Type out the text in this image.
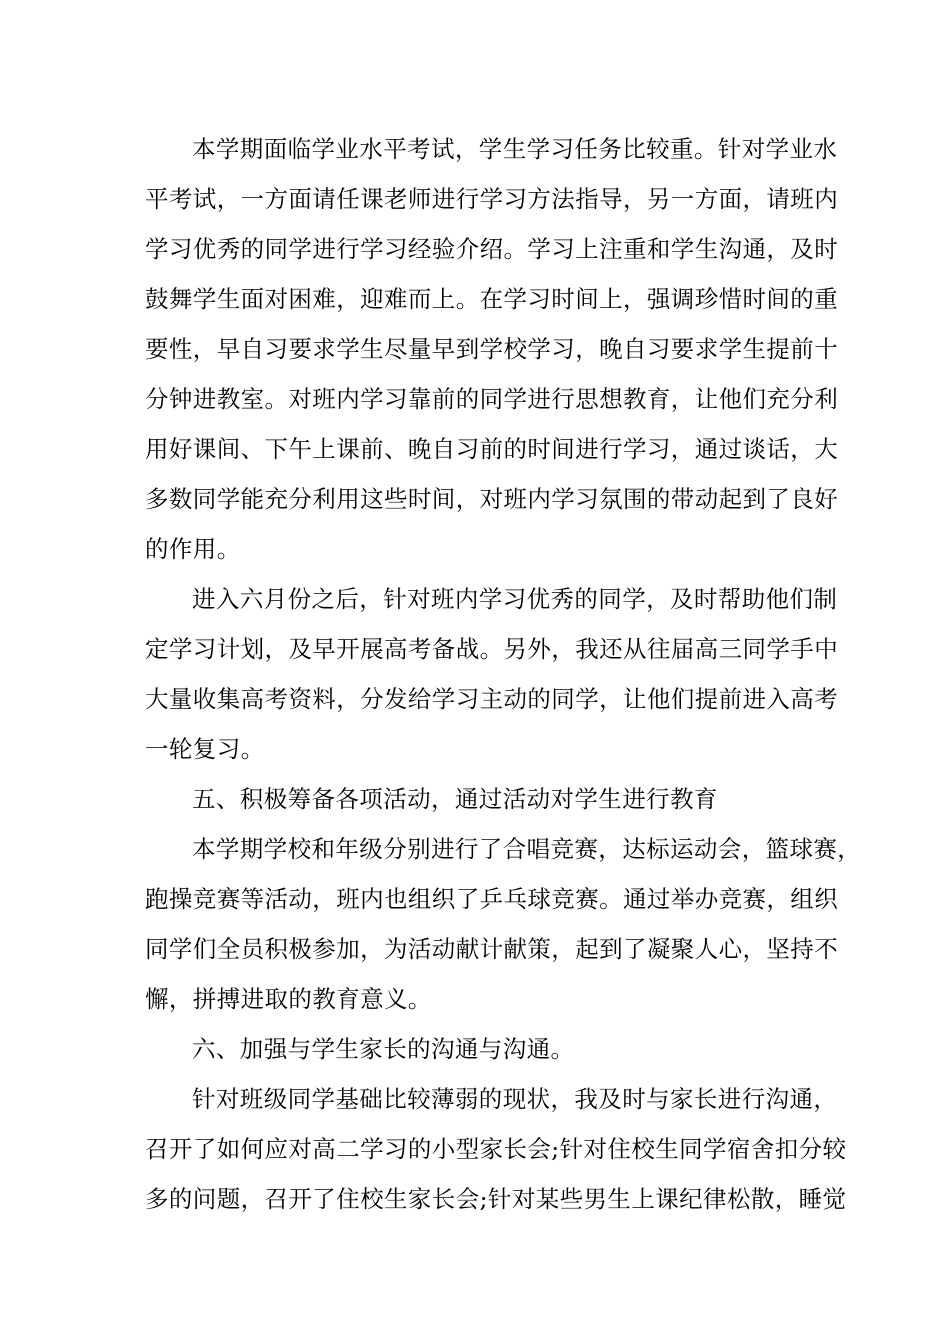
本学期面临学业水平考试，学生学习任务比较重。针对学业水
平考试，一方面请任课老师进行学习方法指导，另一方面，请班内
学习优秀的同学进行学习经验介绍。学习上注重和学生沟通，及时
鼓舞学生面对困难，迎难而上。在学习时间上，强调珍惜时间的重
要性，早自习要求学生尽量早到学校学习，晚自习要求学生提前十
分钟进教室。对班内学习靠前的同学进行思想教育，让他们充分利
用好课间、下午上课前、晚自习前的时间进行学习，通过谈话，大
多数同学能充分利用这些时间，对班内学习氛围的带动起到了良好
的作用。

进入六月份之后，针对班内学习优秀的同学，及时帮助他们制
定学习计划，及早开展高考备战。另外，我还从往届高三同学手中
大量收集高考资料，分发给学习主动的同学，让他们提前进入高考
一轮复习。

五、积极筹备各项活动，通过活动对学生进行教育

本学期学校和年级分别进行了合唱竞赛，达标运动会，篮球赛，
跑操竞赛等活动，班内也组织了乒乓球竞赛。通过举办竞赛，组织
同学们全员积极参加，为活动献计献策，起到了凝聚人心，坚持不
懈，拼搏进取的教育意义。

六、加强与学生家长的沟通与沟通。

针对班级同学基础比较薄弱的现状，我及时与家长进行沟通，
召开了如何应对高二学习的小型家长会;针对住校生同学宿舍扣分较
多的问题，召开了住校生家长会;针对某些男生上课纪律松散，睡觉
